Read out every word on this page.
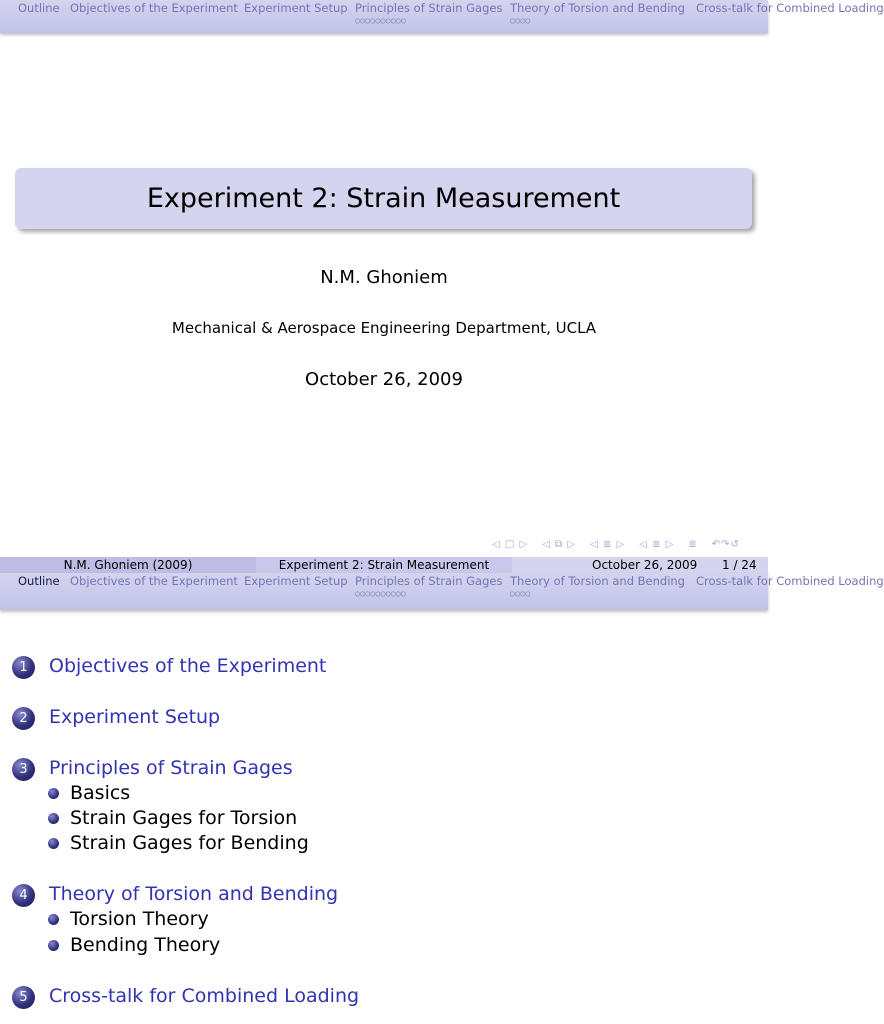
Outline Objectives of the Experiment Experiment Setup Principles of Strain Gages
○○○○○○○○○○
Theory of Torsion and Bending
○○○○
Cross-talk for Combined Loading
Experiment 2: Strain Measurement
N.M. Ghoniem
Mechanical & Aerospace Engineering Department, UCLA
October 26, 2009
◁ □ ▷ ◁ ⧉ ▷ ◁ ≣ ▷ ◁ ≣ ▷ ≣ ↶↷↺
N.M. Ghoniem (2009)	Experiment 2: Strain Measurement	October 26, 2009 1 / 24
Outline Objectives of the Experiment Experiment Setup Principles of Strain Gages
○○○○○○○○○○
Theory of Torsion and Bending
○○○○
Cross-talk for Combined Loading
1	Objectives of the Experiment
2	Experiment Setup
3	Principles of Strain Gages
Basics
Strain Gages for Torsion
Strain Gages for Bending
4	Theory of Torsion and Bending
Torsion Theory
Bending Theory
5	Cross-talk for Combined Loading
